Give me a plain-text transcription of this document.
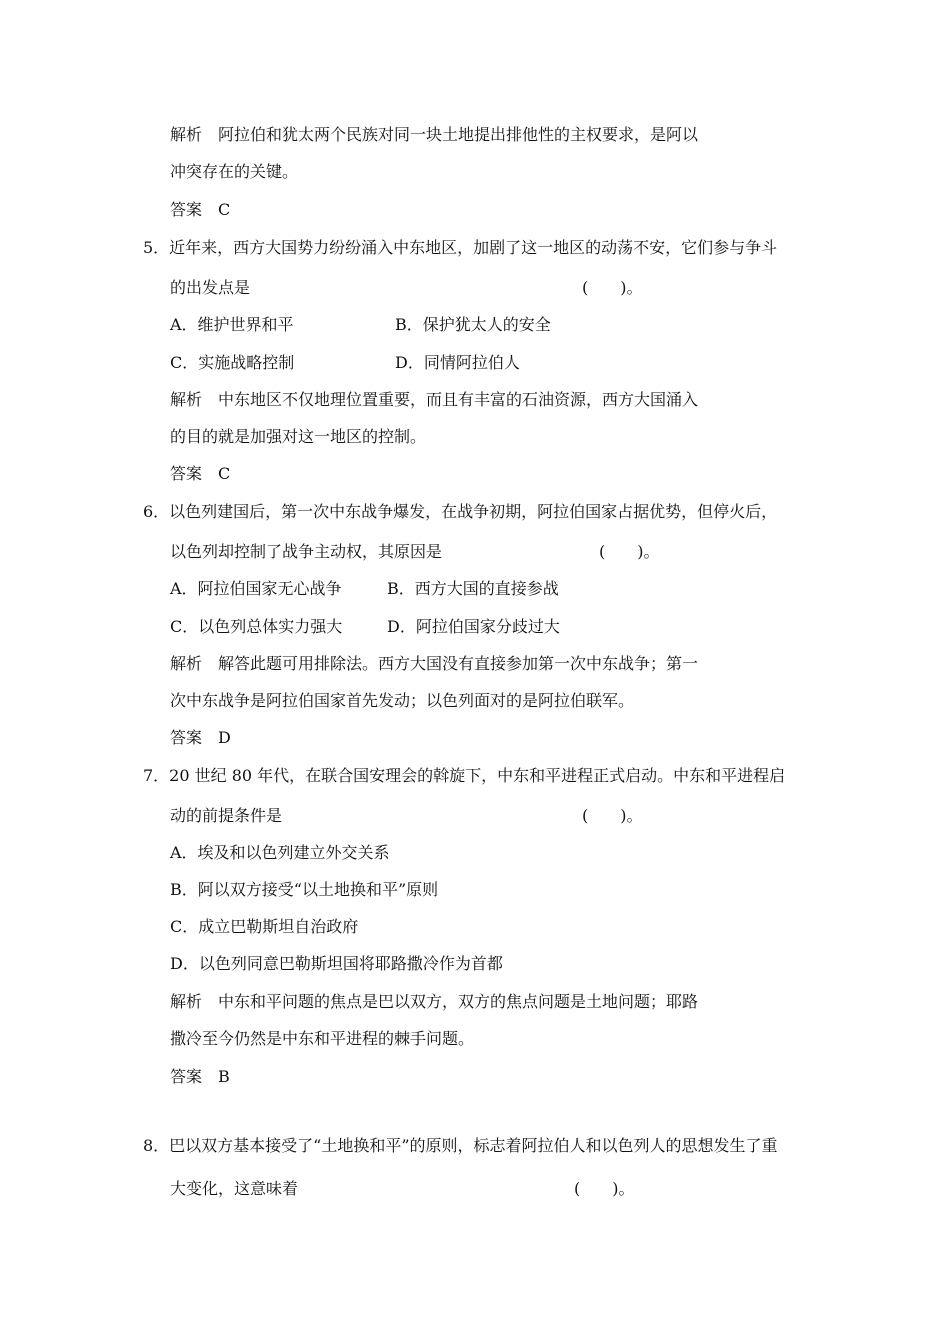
解析　阿拉伯和犹太两个民族对同一块土地提出排他性的主权要求，是阿以
冲突存在的关键。
答案　C
5．近年来，西方大国势力纷纷涌入中东地区，加剧了这一地区的动荡不安，它们参与争斗
的出发点是	(　　)。
A．维护世界和平	B．保护犹太人的安全
C．实施战略控制	D．同情阿拉伯人
解析　中东地区不仅地理位置重要，而且有丰富的石油资源，西方大国涌入
的目的就是加强对这一地区的控制。
答案　C
6．以色列建国后，第一次中东战争爆发，在战争初期，阿拉伯国家占据优势，但停火后，
以色列却控制了战争主动权，其原因是	(　　)。
A．阿拉伯国家无心战争	B．西方大国的直接参战
C．以色列总体实力强大	D．阿拉伯国家分歧过大
解析　解答此题可用排除法。西方大国没有直接参加第一次中东战争；第一
次中东战争是阿拉伯国家首先发动；以色列面对的是阿拉伯联军。
答案　D
7．20 世纪 80 年代，在联合国安理会的斡旋下，中东和平进程正式启动。中东和平进程启
动的前提条件是	(　　)。
A．埃及和以色列建立外交关系
B．阿以双方接受“以土地换和平”原则
C．成立巴勒斯坦自治政府
D．以色列同意巴勒斯坦国将耶路撒冷作为首都
解析　中东和平问题的焦点是巴以双方，双方的焦点问题是土地问题；耶路
撒冷至今仍然是中东和平进程的棘手问题。
答案　B
8．巴以双方基本接受了“土地换和平”的原则，标志着阿拉伯人和以色列人的思想发生了重
大变化，这意味着	(　　)。
